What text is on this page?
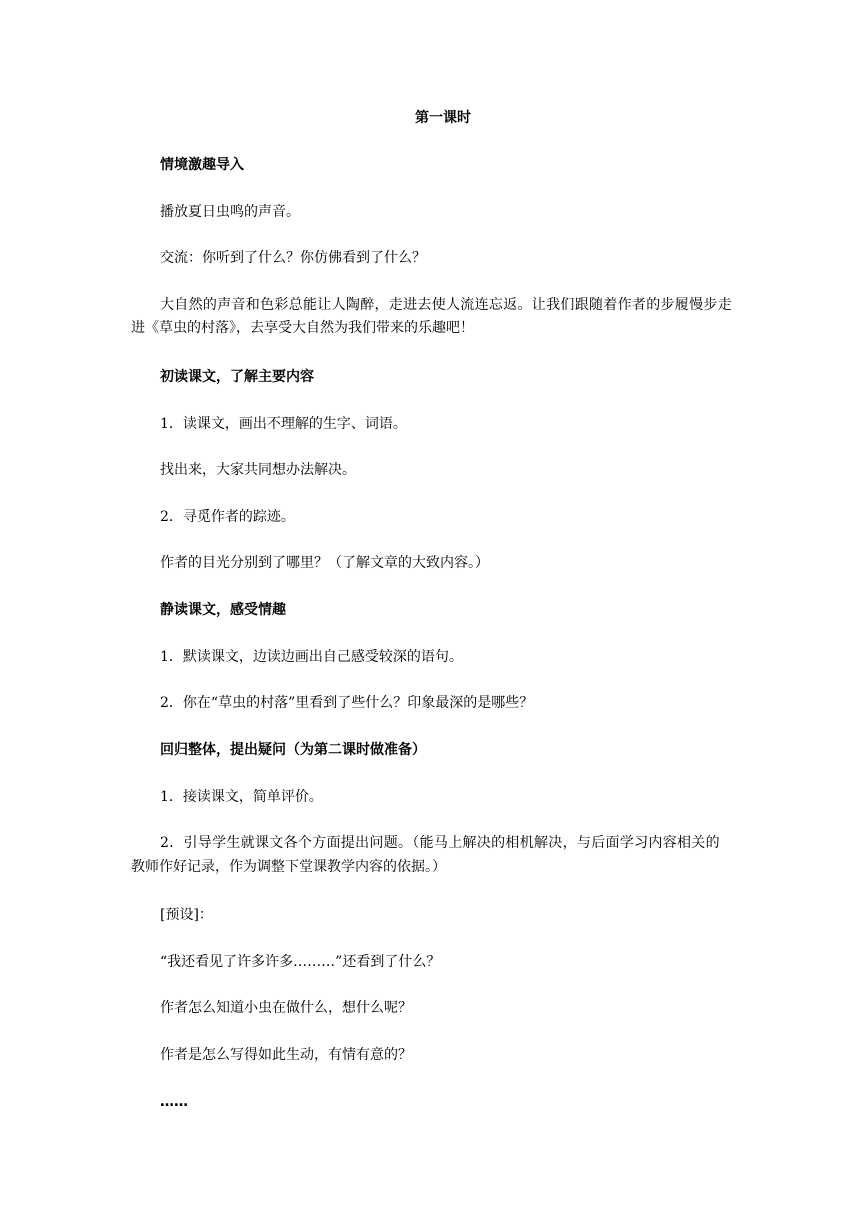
第一课时

情境激趣导入

播放夏日虫鸣的声音。

交流：你听到了什么？你仿佛看到了什么？

大自然的声音和色彩总能让人陶醉，走进去使人流连忘返。让我们跟随着作者的步履慢步走

进《草虫的村落》，去享受大自然为我们带来的乐趣吧！

初读课文，了解主要内容

1．读课文，画出不理解的生字、词语。

找出来，大家共同想办法解决。

2．寻觅作者的踪迹。

作者的目光分别到了哪里？（了解文章的大致内容。）

静读课文，感受情趣

1．默读课文，边读边画出自己感受较深的语句。

2．你在“草虫的村落”里看到了些什么？印象最深的是哪些？

回归整体，提出疑问（为第二课时做准备）

1．接读课文，简单评价。

2．引导学生就课文各个方面提出问题。（能马上解决的相机解决，与后面学习内容相关的

教师作好记录，作为调整下堂课教学内容的依据。）

[预设]：

“我还看见了许多许多………”还看到了什么？

作者怎么知道小虫在做什么，想什么呢？

作者是怎么写得如此生动，有情有意的？

……
